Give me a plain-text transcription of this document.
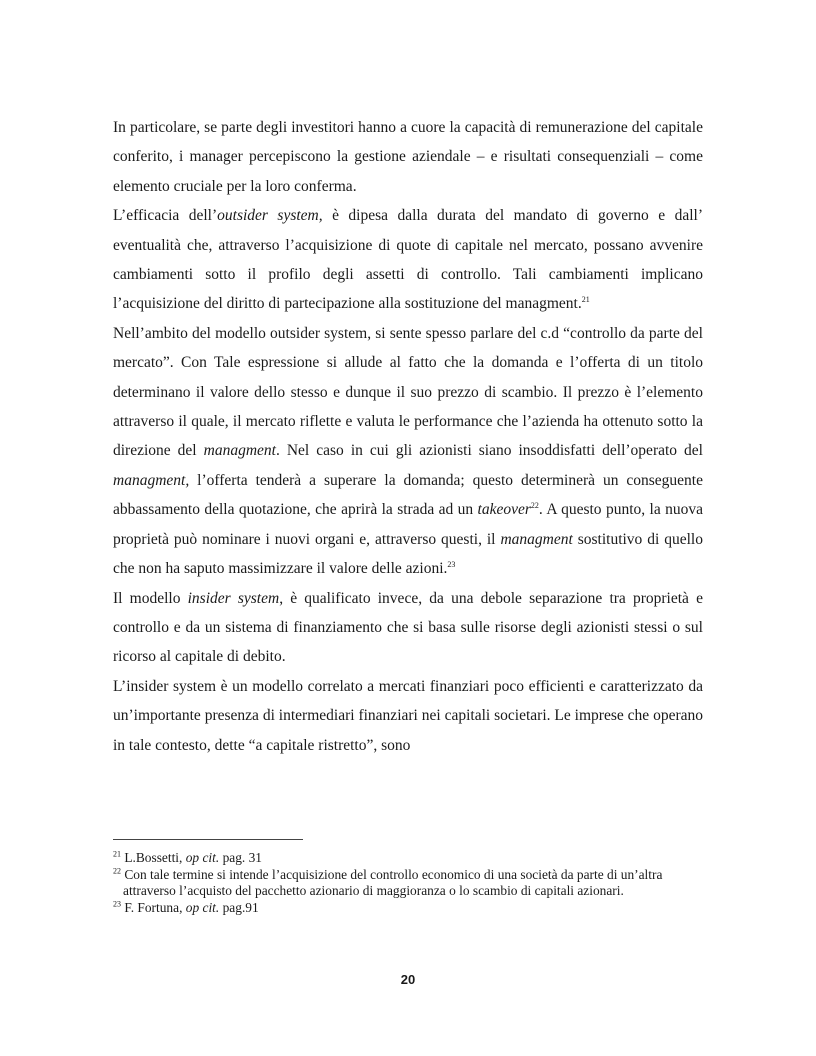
In particolare, se parte degli investitori hanno a cuore la capacità di remunerazione del capitale conferito, i manager percepiscono la gestione aziendale – e risultati consequenziali – come elemento cruciale per la loro conferma.

L’efficacia dell’outsider system, è dipesa dalla durata del mandato di governo e dall’ eventualità che, attraverso l’acquisizione di quote di capitale nel mercato, possano avvenire cambiamenti sotto il profilo degli assetti di controllo. Tali cambiamenti implicano l’acquisizione del diritto di partecipazione alla sostituzione del managment.$^{21}$

Nell’ambito del modello outsider system, si sente spesso parlare del c.d “controllo da parte del mercato”. Con Tale espressione si allude al fatto che la domanda e l’offerta di un titolo determinano il valore dello stesso e dunque il suo prezzo di scambio. Il prezzo è l’elemento attraverso il quale, il mercato riflette e valuta le performance che l’azienda ha ottenuto sotto la direzione del managment. Nel caso in cui gli azionisti siano insoddisfatti dell’operato del managment, l’offerta tenderà a superare la domanda; questo determinerà un conseguente abbassamento della quotazione, che aprirà la strada ad un takeover$^{22}$. A questo punto, la nuova proprietà può nominare i nuovi organi e, attraverso questi, il managment sostitutivo di quello che non ha saputo massimizzare il valore delle azioni.$^{23}$

Il modello insider system, è qualificato invece, da una debole separazione tra proprietà e controllo e da un sistema di finanziamento che si basa sulle risorse degli azionisti stessi o sul ricorso al capitale di debito.

L’insider system è un modello correlato a mercati finanziari poco efficienti e caratterizzato da un’importante presenza di intermediari finanziari nei capitali societari. Le imprese che operano in tale contesto, dette “a capitale ristretto”, sono

$^{21}$ L.Bossetti, op cit. pag. 31

$^{22}$ Con tale termine si intende l’acquisizione del controllo economico di una società da parte di un’altra attraverso l’acquisto del pacchetto azionario di maggioranza o lo scambio di capitali azionari.

$^{23}$ F. Fortuna, op cit. pag.91

20
